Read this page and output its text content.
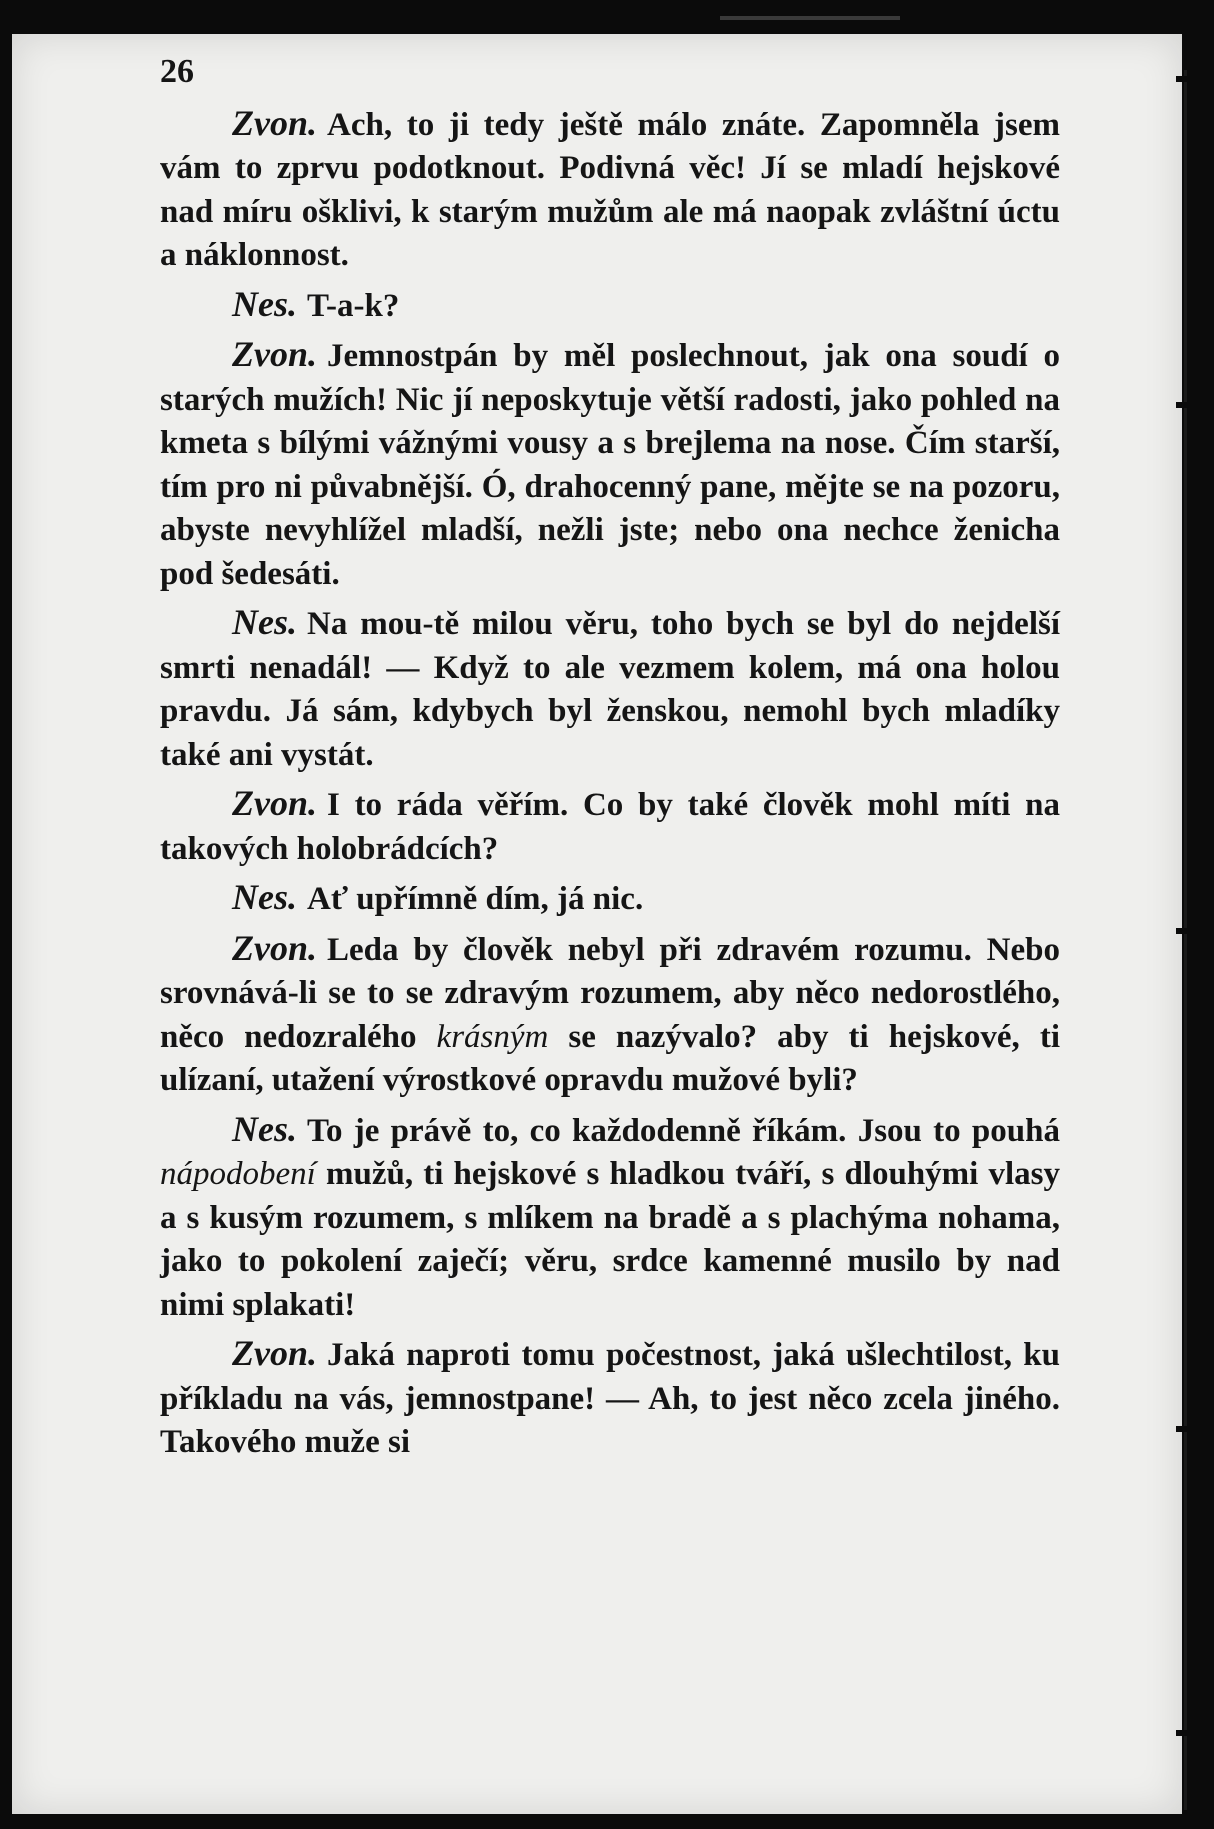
26

Zvon. Ach, to ji tedy ještě málo znáte. Zapomněla jsem vám to zprvu podotknout. Podivná věc! Jí se mladí hejskové nad míru ošklivi, k starým mužům ale má naopak zvláštní úctu a náklonnost.

Nes. T-a-k?

Zvon. Jemnostpán by měl poslechnout, jak ona soudí o starých mužích! Nic jí neposkytuje větší radosti, jako pohled na kmeta s bílými vážnými vousy a s brejlema na nose. Čím starší, tím pro ni půvabnější. Ó, drahocenný pane, mějte se na pozoru, abyste nevyhlížel mladší, nežli jste; nebo ona nechce ženicha pod šedesáti.

Nes. Na mou-tě milou věru, toho bych se byl do nejdelší smrti nenadál! — Když to ale vezmem kolem, má ona holou pravdu. Já sám, kdybych byl ženskou, nemohl bych mladíky také ani vystát.

Zvon. I to ráda věřím. Co by také člověk mohl míti na takových holobrádcích?

Nes. Ať upřímně dím, já nic.

Zvon. Leda by člověk nebyl při zdravém rozumu. Nebo srovnává-li se to se zdravým rozumem, aby něco nedorostlého, něco nedozralého krásným se nazývalo? aby ti hejskové, ti ulízaní, utažení výrostkové opravdu mužové byli?

Nes. To je právě to, co každodenně říkám. Jsou to pouhá nápodobení mužů, ti hejskové s hladkou tváří, s dlouhými vlasy a s kusým rozumem, s mlíkem na bradě a s plachýma nohama, jako to pokolení zaječí; věru, srdce kamenné musilo by nad nimi splakati!

Zvon. Jaká naproti tomu počestnost, jaká ušlechtilost, ku příkladu na vás, jemnostpane! — Ah, to jest něco zcela jiného. Takového muže si
